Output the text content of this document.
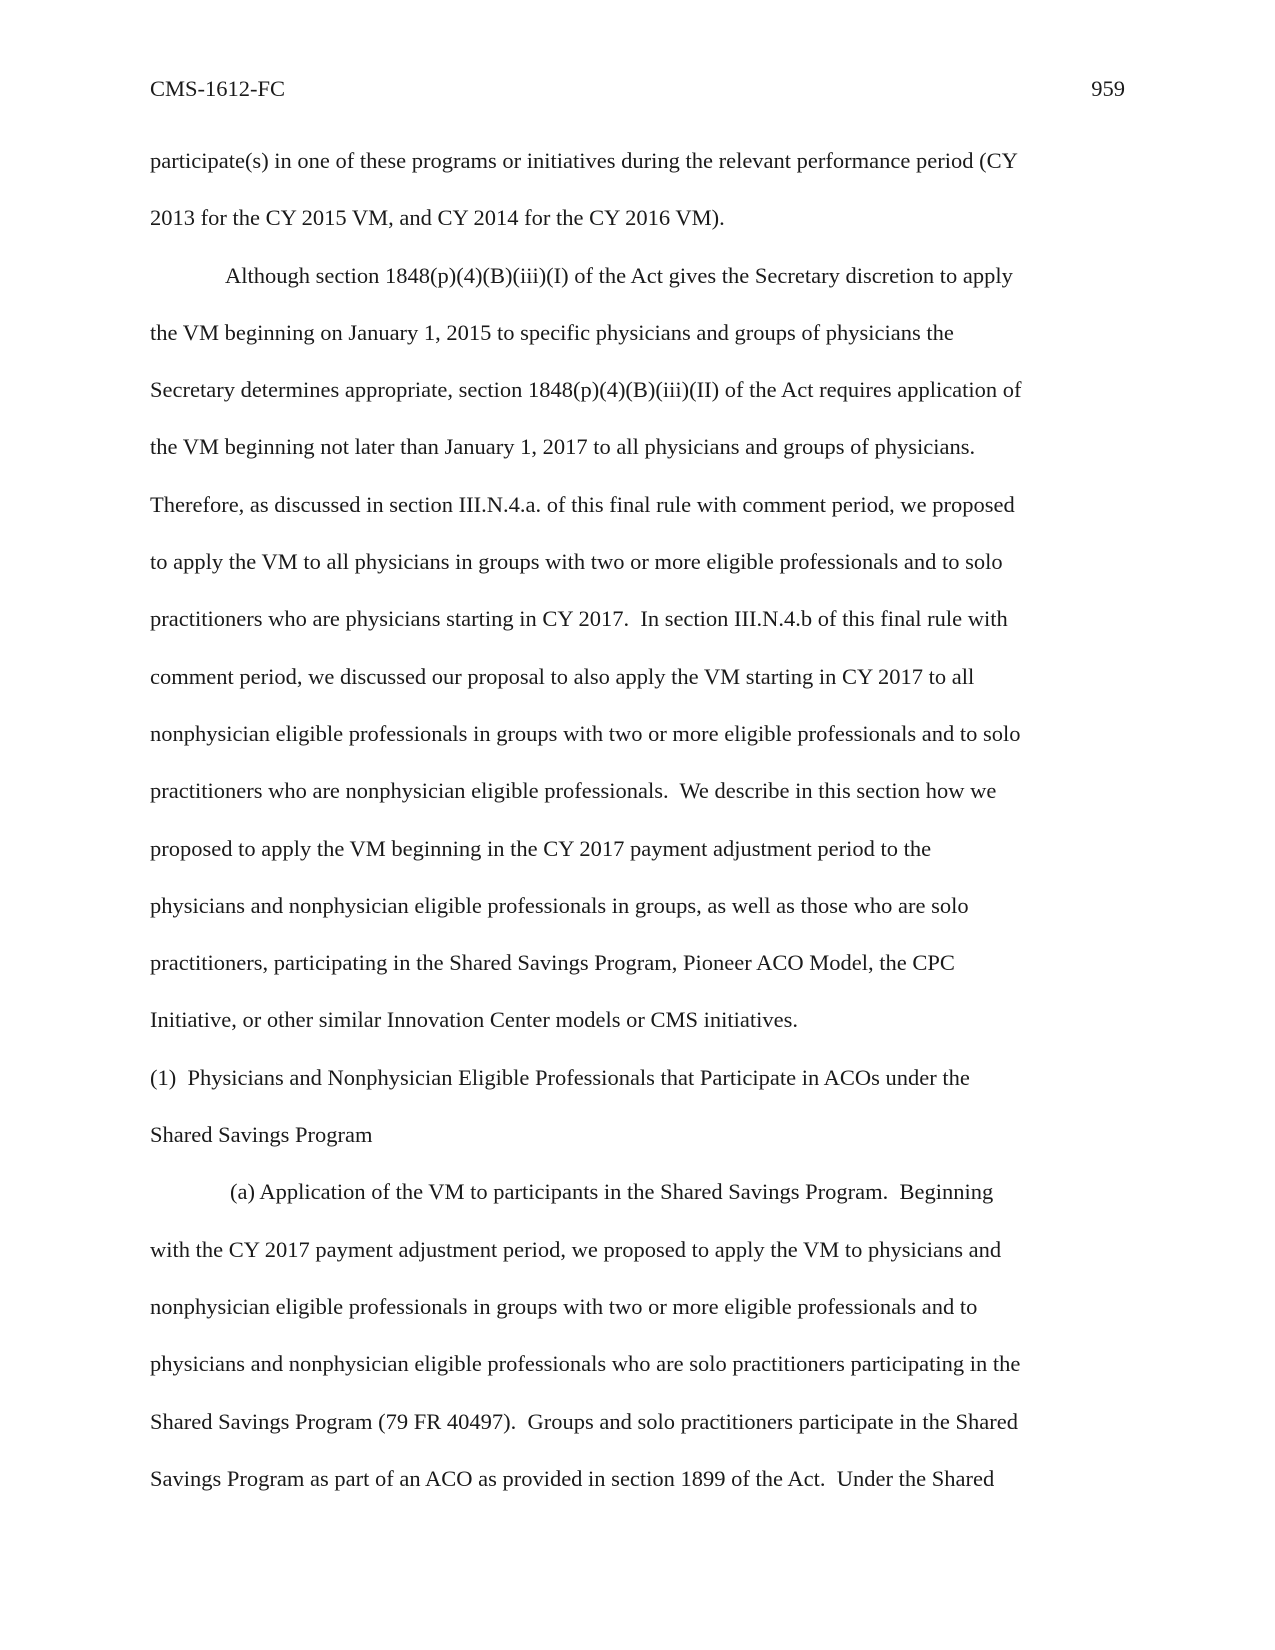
CMS-1612-FC	959
participate(s) in one of these programs or initiatives during the relevant performance period (CY
2013 for the CY 2015 VM, and CY 2014 for the CY 2016 VM).
Although section 1848(p)(4)(B)(iii)(I) of the Act gives the Secretary discretion to apply
the VM beginning on January 1, 2015 to specific physicians and groups of physicians the
Secretary determines appropriate, section 1848(p)(4)(B)(iii)(II) of the Act requires application of
the VM beginning not later than January 1, 2017 to all physicians and groups of physicians.
Therefore, as discussed in section III.N.4.a. of this final rule with comment period, we proposed
to apply the VM to all physicians in groups with two or more eligible professionals and to solo
practitioners who are physicians starting in CY 2017.  In section III.N.4.b of this final rule with
comment period, we discussed our proposal to also apply the VM starting in CY 2017 to all
nonphysician eligible professionals in groups with two or more eligible professionals and to solo
practitioners who are nonphysician eligible professionals.  We describe in this section how we
proposed to apply the VM beginning in the CY 2017 payment adjustment period to the
physicians and nonphysician eligible professionals in groups, as well as those who are solo
practitioners, participating in the Shared Savings Program, Pioneer ACO Model, the CPC
Initiative, or other similar Innovation Center models or CMS initiatives.
(1)  Physicians and Nonphysician Eligible Professionals that Participate in ACOs under the
Shared Savings Program
(a) Application of the VM to participants in the Shared Savings Program.  Beginning
with the CY 2017 payment adjustment period, we proposed to apply the VM to physicians and
nonphysician eligible professionals in groups with two or more eligible professionals and to
physicians and nonphysician eligible professionals who are solo practitioners participating in the
Shared Savings Program (79 FR 40497).  Groups and solo practitioners participate in the Shared
Savings Program as part of an ACO as provided in section 1899 of the Act.  Under the Shared
